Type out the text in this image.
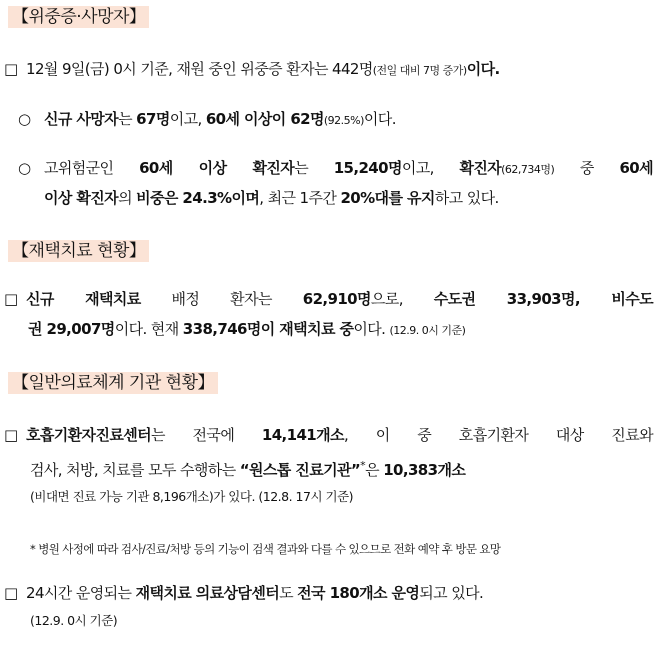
【위중증·사망자】
□ 12월 9일(금) 0시 기준, 재원 중인 위중증 환자는 442명(전일 대비 7명 증가)이다.
○ 신규 사망자는 67명이고, 60세 이상이 62명(92.5%)이다.
○ 고위험군인 60세 이상 확진자는 15,240명이고, 확진자(62,734명) 중 60세
이상 확진자의 비중은 24.3%이며, 최근 1주간 20%대를 유지하고 있다.
【재택치료 현황】
□ 신규 재택치료 배정 환자는 62,910명으로, 수도권 33,903명, 비수도
권 29,007명이다. 현재 338,746명이 재택치료 중이다. (12.9. 0시 기준)
【일반의료체계 기관 현황】
□ 호흡기환자진료센터는 전국에 14,141개소, 이 중 호흡기환자 대상 진료와
검사, 처방, 치료를 모두 수행하는 “원스톱 진료기관”*은 10,383개소
(비대면 진료 가능 기관 8,196개소)가 있다. (12.8. 17시 기준)
* 병원 사정에 따라 검사/진료/처방 등의 기능이 검색 결과와 다를 수 있으므로 전화 예약 후 방문 요망
□ 24시간 운영되는 재택치료 의료상담센터도 전국 180개소 운영되고 있다.
(12.9. 0시 기준)
